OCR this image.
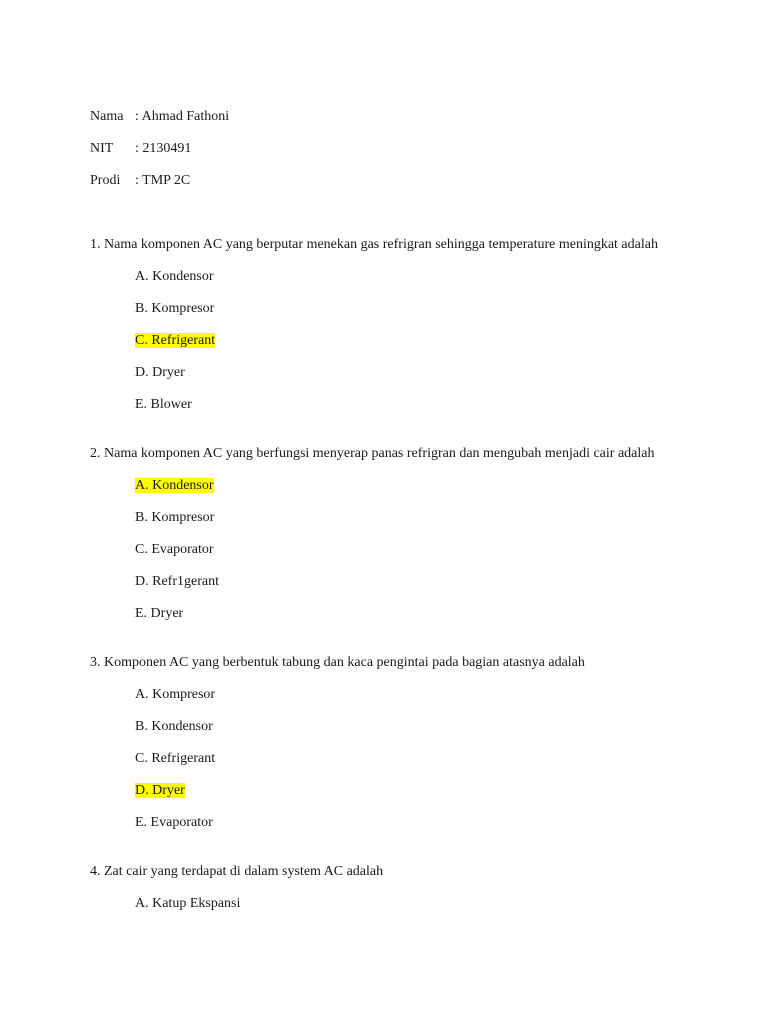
Nama : Ahmad Fathoni
NIT : 2130491
Prodi : TMP 2C
1. Nama komponen AC yang berputar menekan gas refrigran sehingga temperature meningkat adalah
A. Kondensor
B. Kompresor
C. Refrigerant
D. Dryer
E. Blower
2. Nama komponen AC yang berfungsi menyerap panas refrigran dan mengubah menjadi cair adalah
A. Kondensor
B. Kompresor
C. Evaporator
D. Refr1gerant
E. Dryer
3. Komponen AC yang berbentuk tabung dan kaca pengintai pada bagian atasnya adalah
A. Kompresor
B. Kondensor
C. Refrigerant
D. Dryer
E. Evaporator
4. Zat cair yang terdapat di dalam system AC adalah
A. Katup Ekspansi
